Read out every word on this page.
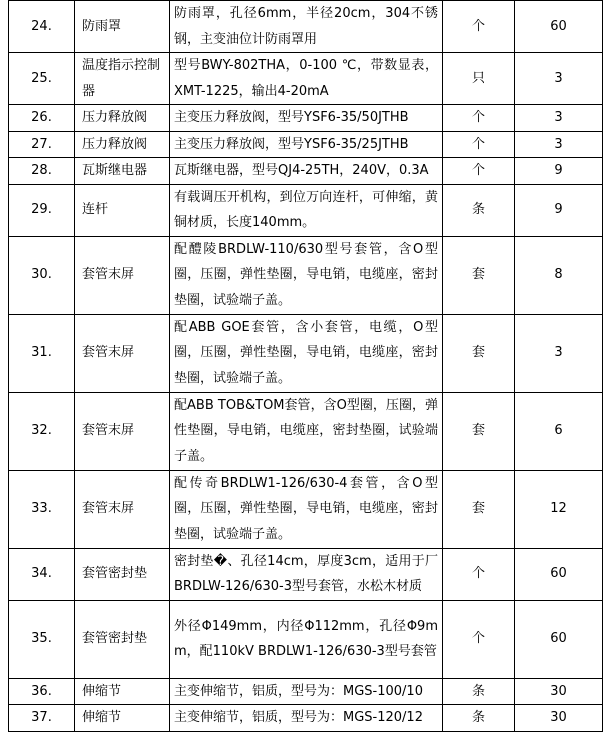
24.	防雨罩	防雨罩，孔径6mm，半径20cm，304不锈钢，主变油位计防雨罩用	个	60
25.	温度指示控制器	型号BWY-802THA，0-100 ℃，带数显表，XMT-1225，输出4-20mA	只	3
26.	压力释放阀	主变压力释放阀，型号YSF6-35/50JTHB	个	3
27.	压力释放阀	主变压力释放阀，型号YSF6-35/25JTHB	个	3
28.	瓦斯继电器	瓦斯继电器，型号QJ4-25TH，240V，0.3A	个	9
29.	连杆	有载调压开机构，到位万向连杆，可伸缩，黄铜材质，长度140mm。	条	9
30.	套管末屏	配醴陵BRDLW-110/630型号套管，含O型圈，压圈，弹性垫圈，导电销，电缆座，密封垫圈，试验端子盖。	套	8
31.	套管末屏	配ABB GOE套管，含小套管，电缆，O型圈，压圈，弹性垫圈，导电销，电缆座，密封垫圈，试验端子盖。	套	3
32.	套管末屏	配ABB TOB&TOM套管，含O型圈，压圈，弹性垫圈，导电销，电缆座，密封垫圈，试验端子盖。	套	6
33.	套管末屏	配传奇BRDLW1-126/630-4套管，含O型圈，压圈，弹性垫圈，导电销，电缆座，密封垫圈，试验端子盖。	套	12
34.	套管密封垫	密封垫�、孔径14cm，厚度3cm，适用于厂BRDLW-126/630-3型号套管，水松木材质	个	60
35.	套管密封垫	外径Φ149mm，内径Φ112mm，孔径Φ9mm，配110kV BRDLW1-126/630-3型号套管	个	60
36.	伸缩节	主变伸缩节，铝质，型号为：MGS-100/10	条	30
37.	伸缩节	主变伸缩节，铝质，型号为：MGS-120/12	条	30
